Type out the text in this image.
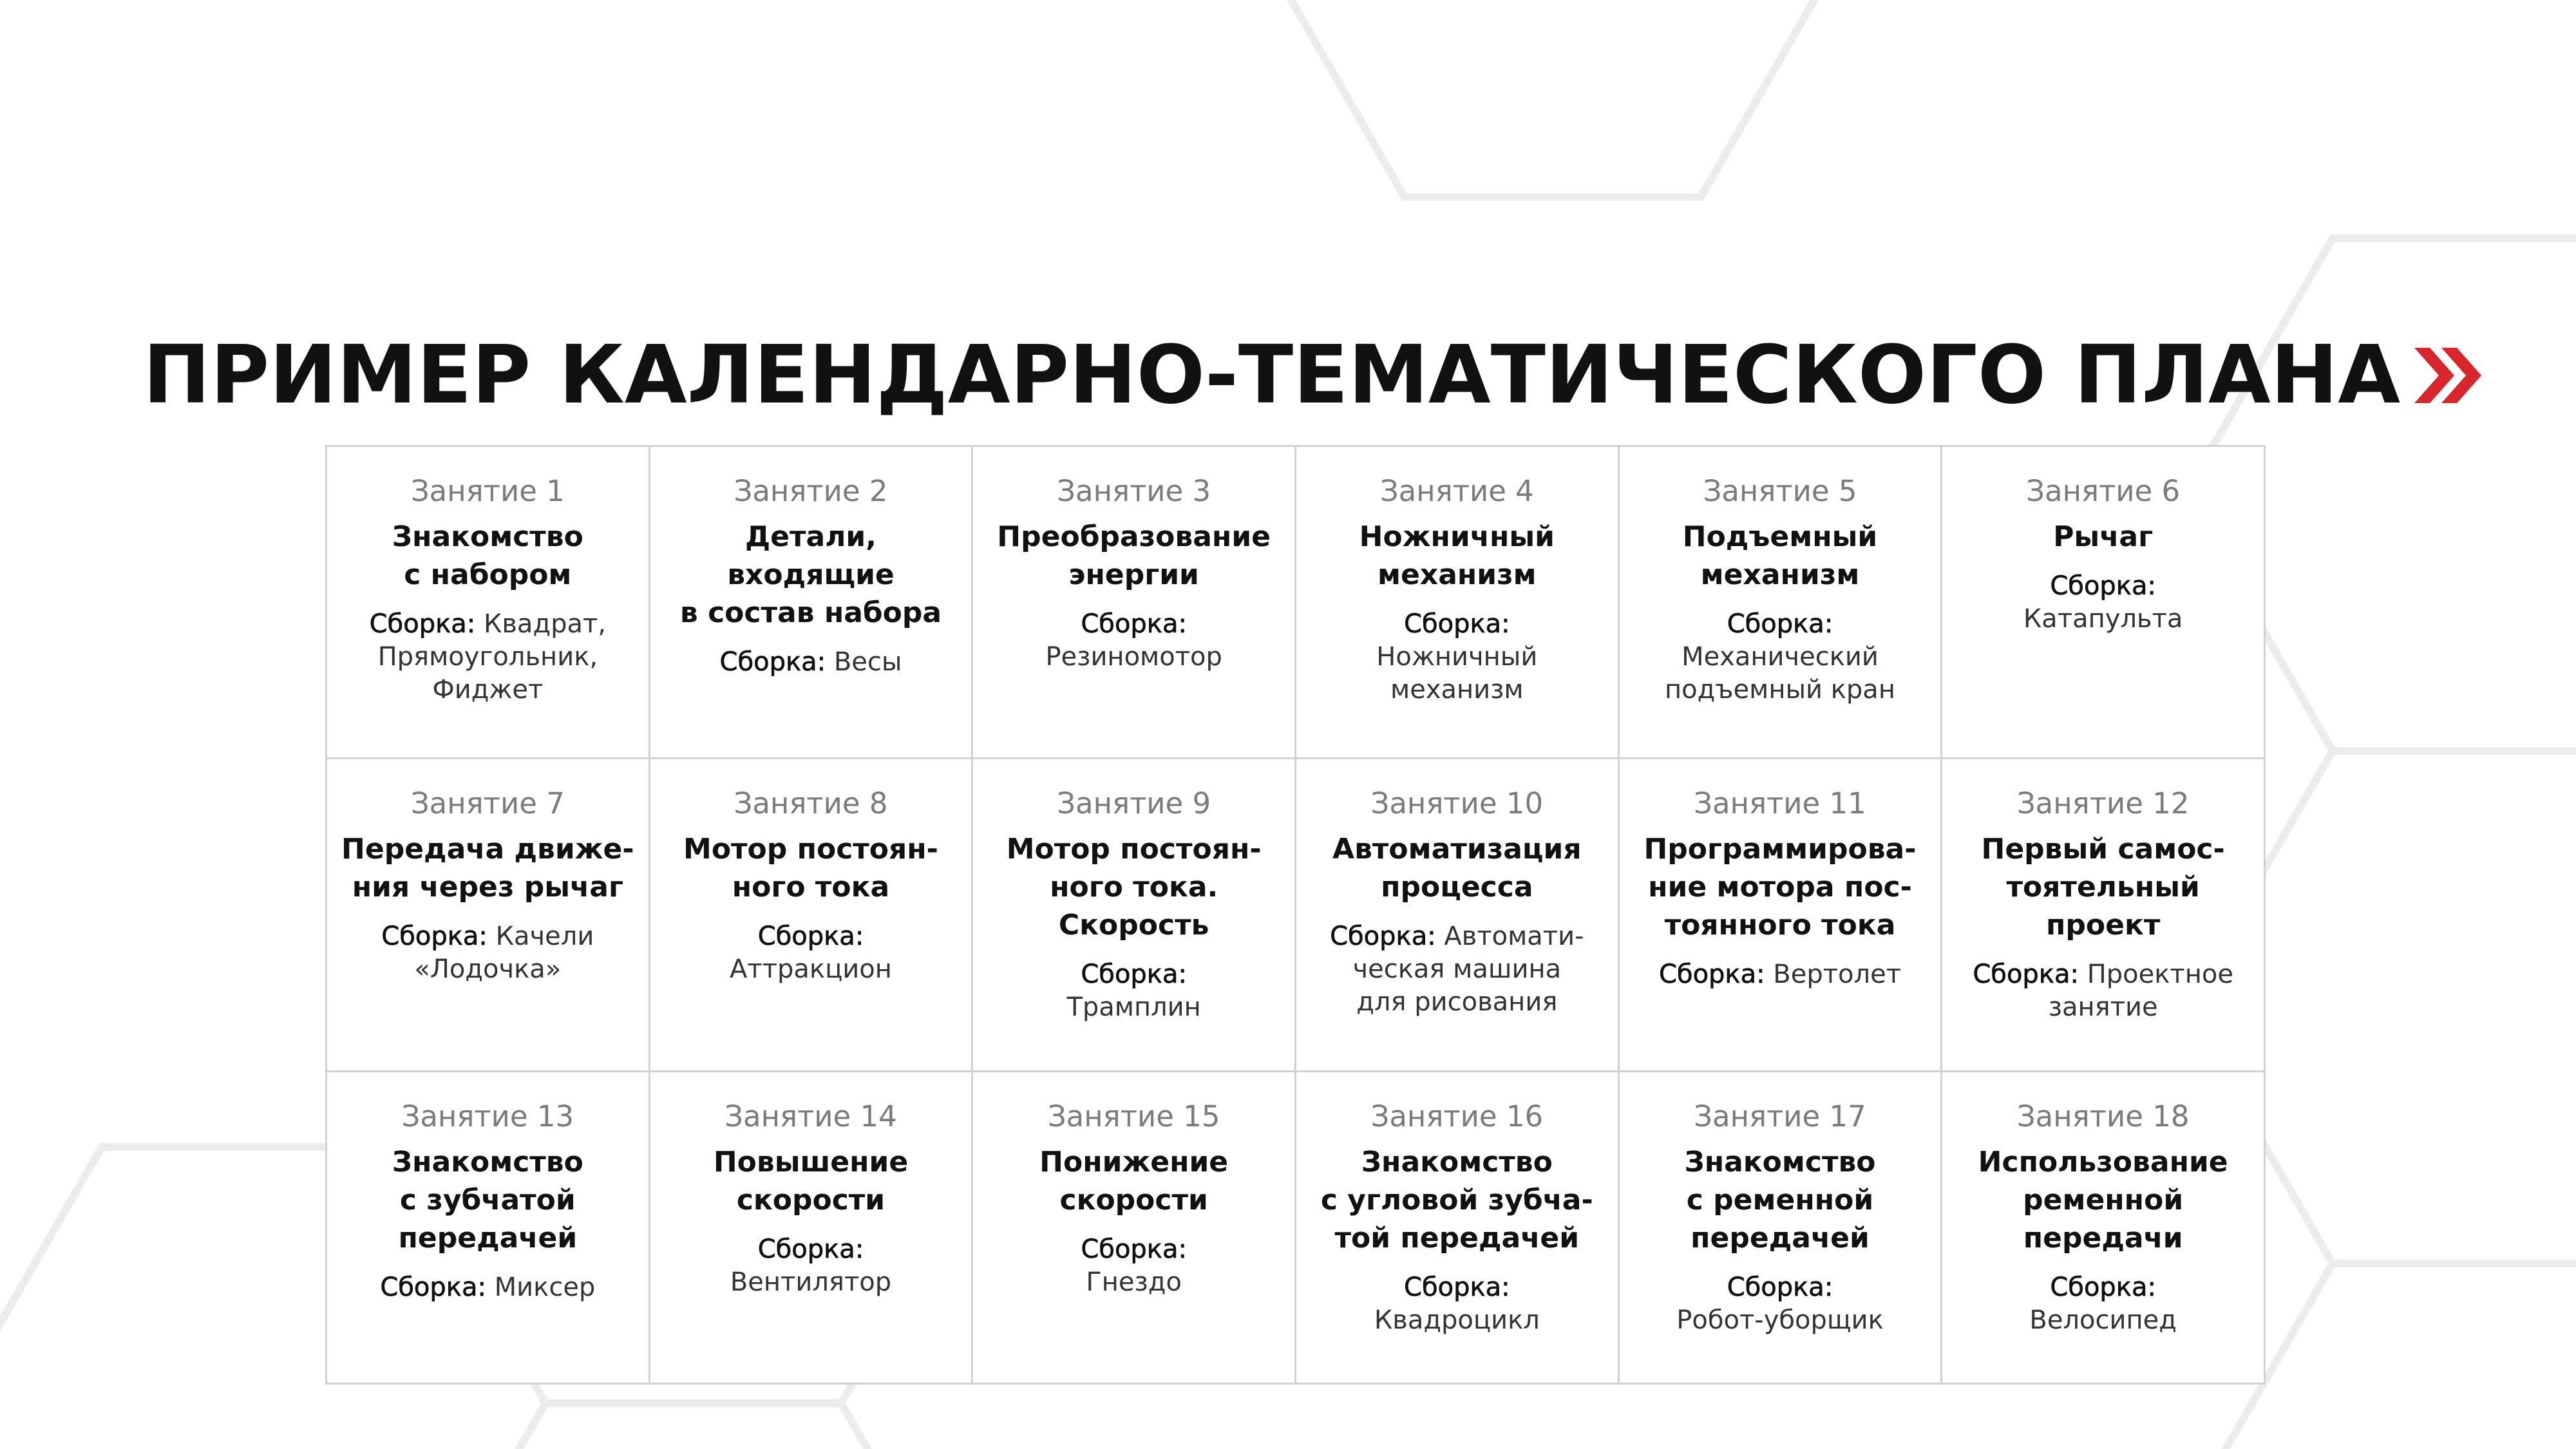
ПРИМЕР КАЛЕНДАРНО-ТЕМАТИЧЕСКОГО ПЛАНА
Занятие 1
Знакомство
с набором
Сборка: Квадрат,
Прямоугольник,
Фиджет
Занятие 2
Детали,
входящие
в состав набора
Сборка: Весы
Занятие 3
Преобразование
энергии
Сборка:
Резиномотор
Занятие 4
Ножничный
механизм
Сборка:
Ножничный
механизм
Занятие 5
Подъемный
механизм
Сборка:
Механический
подъемный кран
Занятие 6
Рычаг
Сборка:
Катапульта
Занятие 7
Передача движе-
ния через рычаг
Сборка: Качели
«Лодочка»
Занятие 8
Мотор постоян-
ного тока
Сборка:
Аттракцион
Занятие 9
Мотор постоян-
ного тока.
Скорость
Сборка:
Трамплин
Занятие 10
Автоматизация
процесса
Сборка: Автомати-
ческая машина
для рисования
Занятие 11
Программирова-
ние мотора пос-
тоянного тока
Сборка: Вертолет
Занятие 12
Первый самос-
тоятельный
проект
Сборка: Проектное
занятие
Занятие 13
Знакомство
с зубчатой
передачей
Сборка: Миксер
Занятие 14
Повышение
скорости
Сборка:
Вентилятор
Занятие 15
Понижение
скорости
Сборка:
Гнездо
Занятие 16
Знакомство
с угловой зубча-
той передачей
Сборка:
Квадроцикл
Занятие 17
Знакомство
с ременной
передачей
Сборка:
Робот-уборщик
Занятие 18
Использование
ременной
передачи
Сборка:
Велосипед
